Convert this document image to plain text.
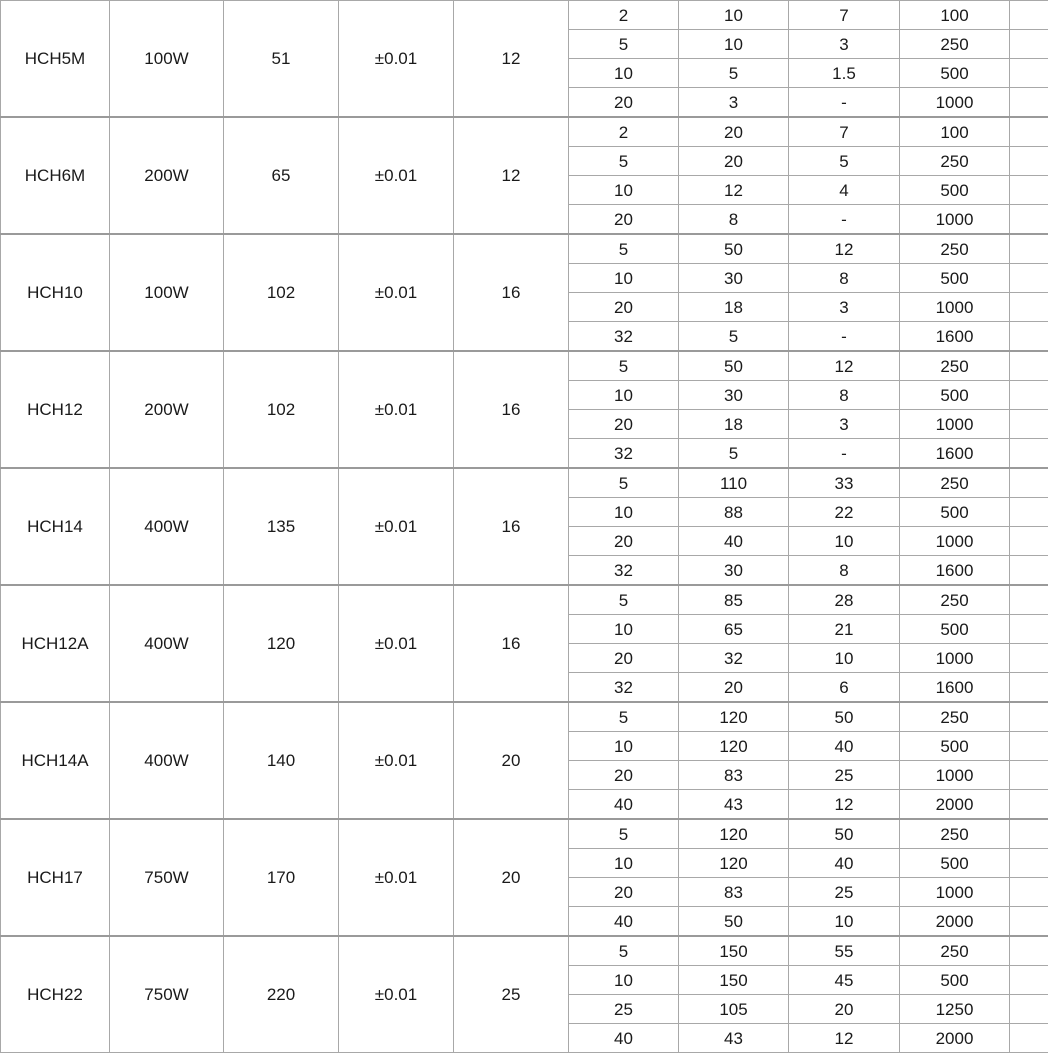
HCH5M	100W	51	±0.01	12	2	10	7	100	
					5	10	3	250	
					10	5	1.5	500	
					20	3	-	1000	
HCH6M	200W	65	±0.01	12	2	20	7	100	
					5	20	5	250	
					10	12	4	500	
					20	8	-	1000	
HCH10	100W	102	±0.01	16	5	50	12	250	
					10	30	8	500	
					20	18	3	1000	
					32	5	-	1600	
HCH12	200W	102	±0.01	16	5	50	12	250	
					10	30	8	500	
					20	18	3	1000	
					32	5	-	1600	
HCH14	400W	135	±0.01	16	5	110	33	250	
					10	88	22	500	
					20	40	10	1000	
					32	30	8	1600	
HCH12A	400W	120	±0.01	16	5	85	28	250	
					10	65	21	500	
					20	32	10	1000	
					32	20	6	1600	
HCH14A	400W	140	±0.01	20	5	120	50	250	
					10	120	40	500	
					20	83	25	1000	
					40	43	12	2000	
HCH17	750W	170	±0.01	20	5	120	50	250	
					10	120	40	500	
					20	83	25	1000	
					40	50	10	2000	
HCH22	750W	220	±0.01	25	5	150	55	250	
					10	150	45	500	
					25	105	20	1250	
					40	43	12	2000	
